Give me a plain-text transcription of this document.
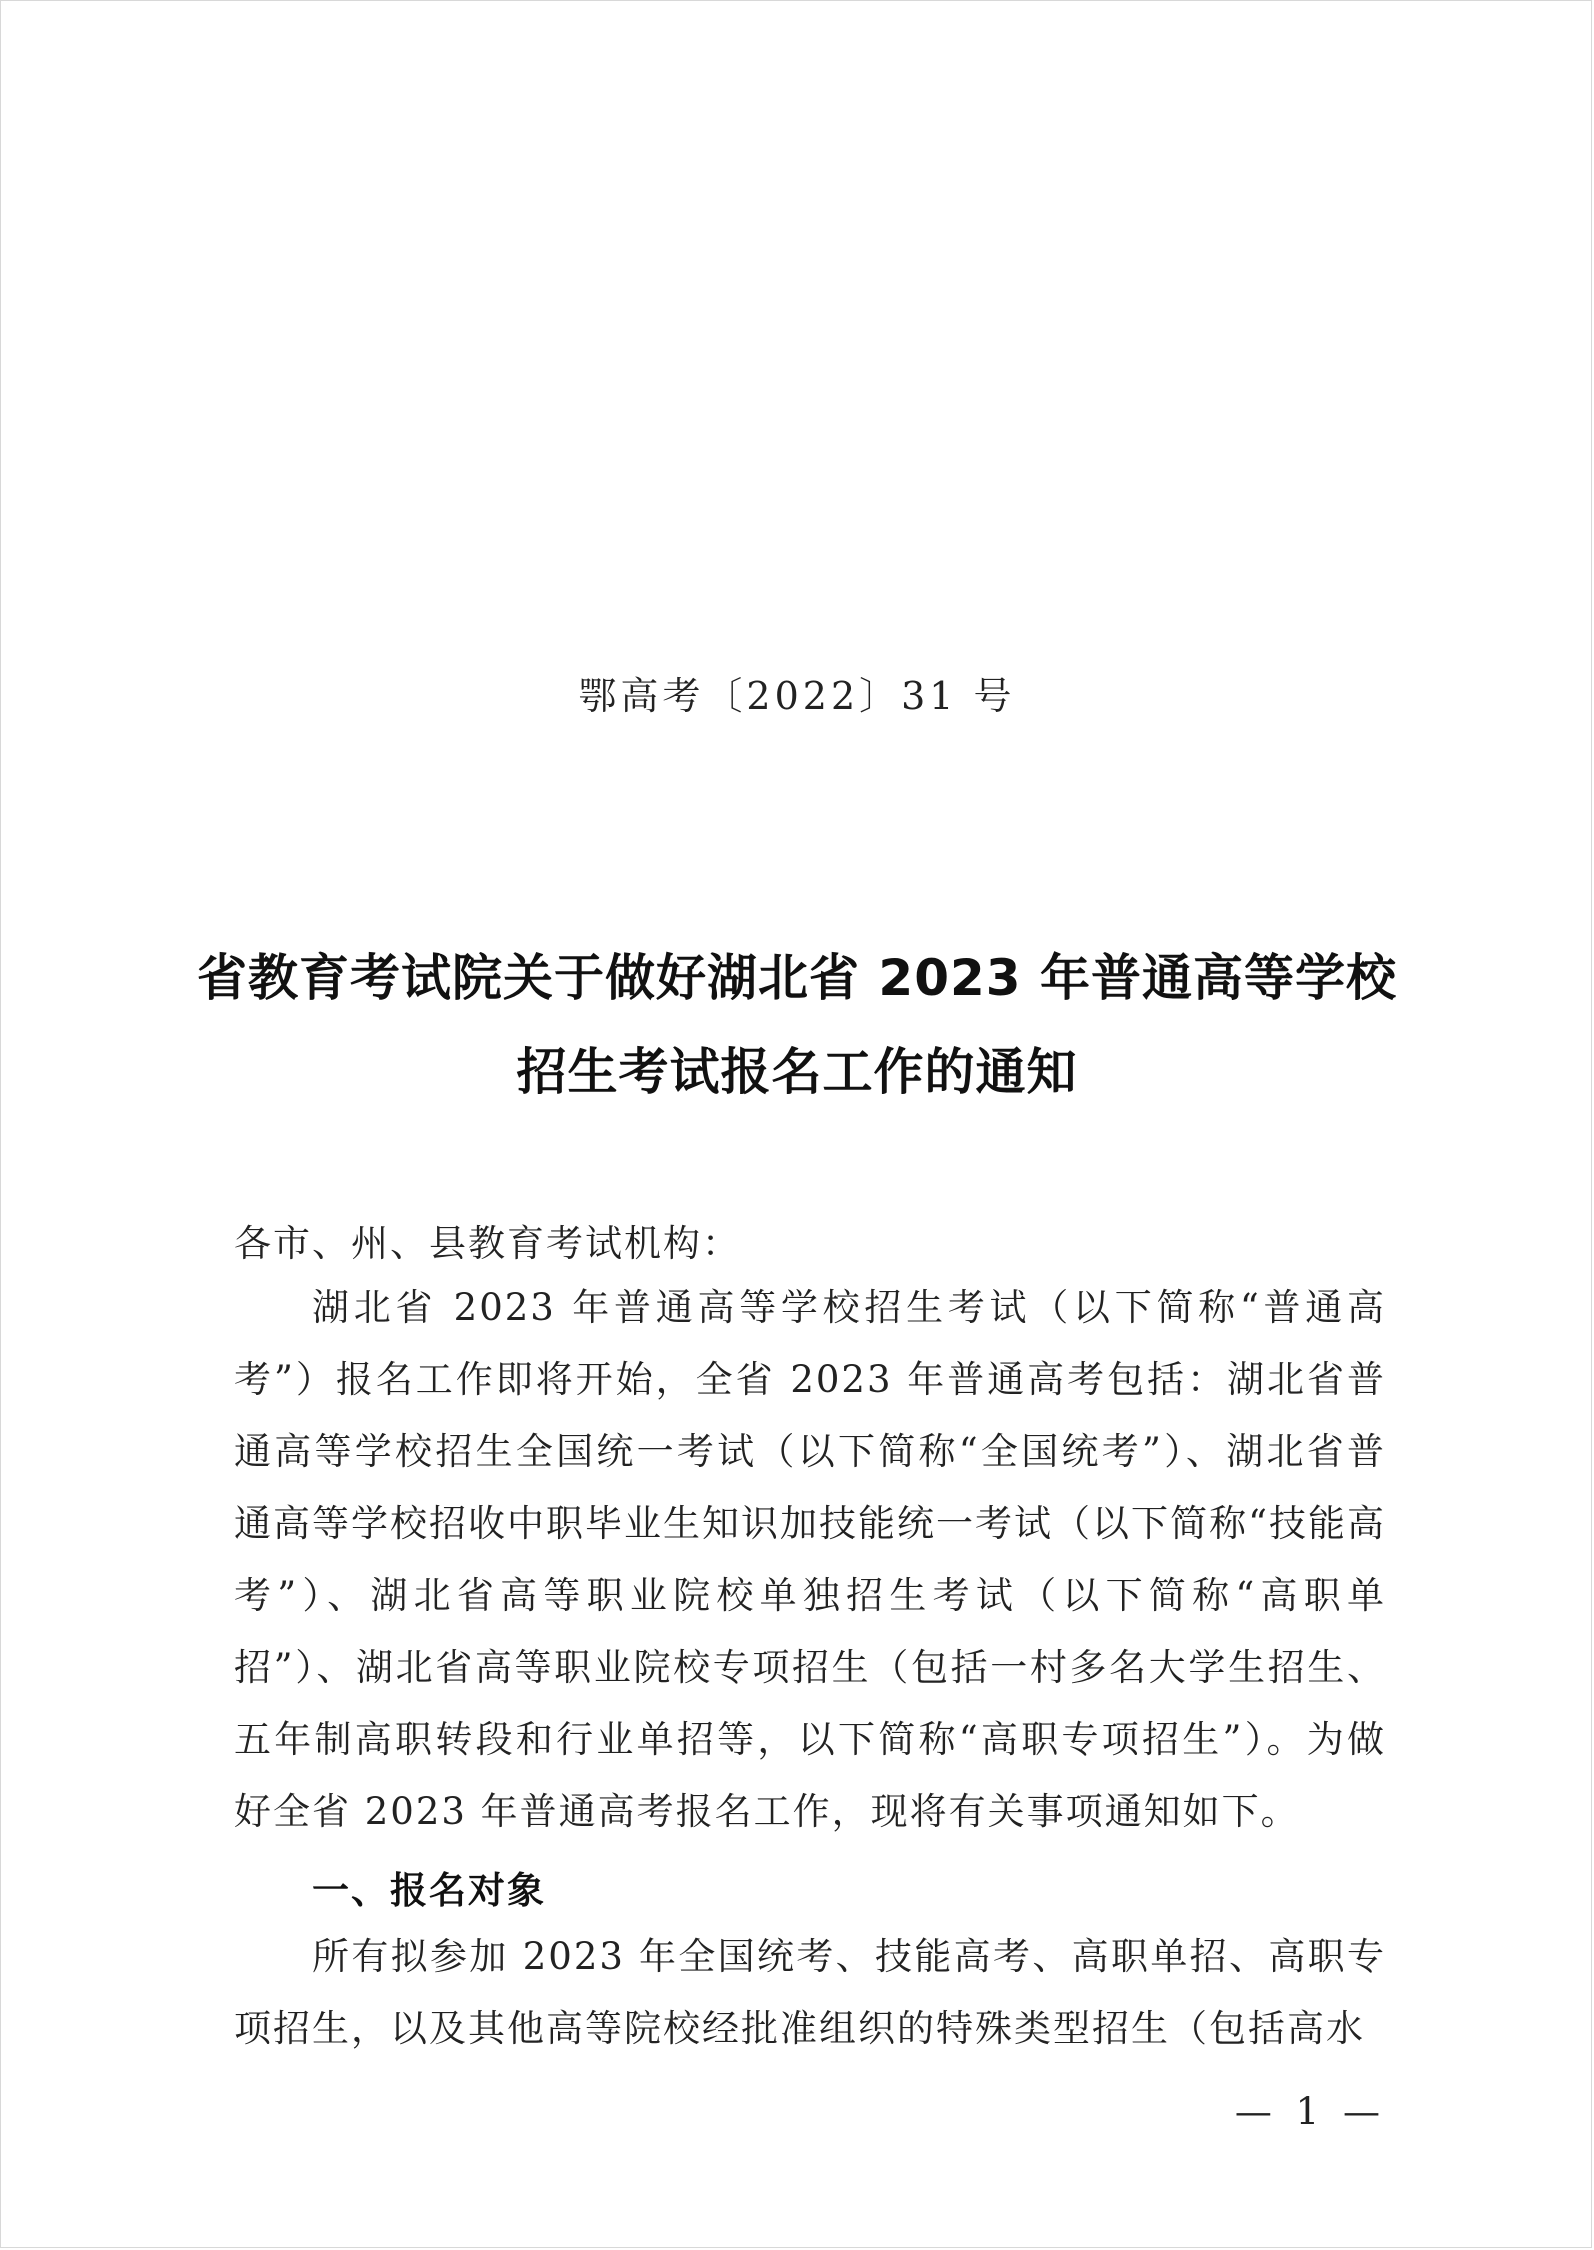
鄂高考〔2022〕31 号
省教育考试院关于做好湖北省 2023 年普通高等学校
招生考试报名工作的通知
各市、州、县教育考试机构：
湖北省 2023 年普通高等学校招生考试（以下简称“普通高考”）报名工作即将开始，全省 2023 年普通高考包括：湖北省普通高等学校招生全国统一考试（以下简称“全国统考”）、湖北省普通高等学校招收中职毕业生知识加技能统一考试（以下简称“技能高考”）、湖北省高等职业院校单独招生考试（以下简称“高职单招”）、湖北省高等职业院校专项招生（包括一村多名大学生招生、五年制高职转段和行业单招等，以下简称“高职专项招生”）。为做好全省 2023 年普通高考报名工作，现将有关事项通知如下。
一、报名对象
所有拟参加 2023 年全国统考、技能高考、高职单招、高职专项招生，以及其他高等院校经批准组织的特殊类型招生（包括高水
— 1 —
